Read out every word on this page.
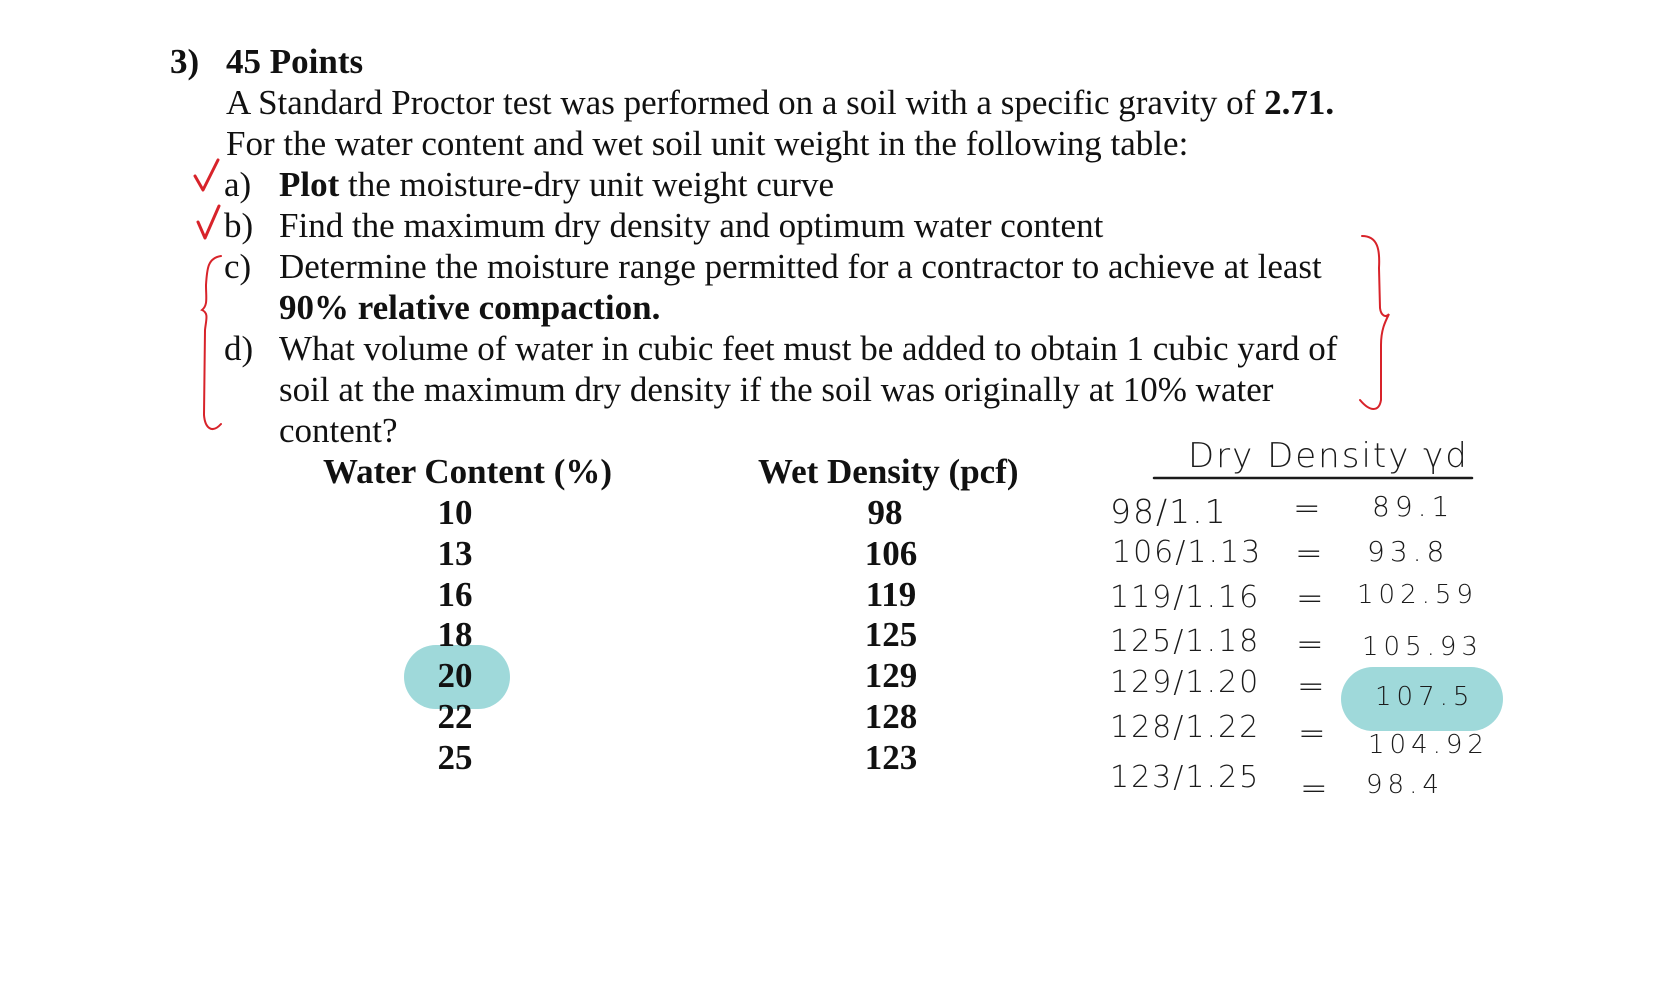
3) 45 Points
A Standard Proctor test was performed on a soil with a specific gravity of 2.71.
For the water content and wet soil unit weight in the following table:
a) Plot the moisture-dry unit weight curve
b) Find the maximum dry density and optimum water content
c) Determine the moisture range permitted for a contractor to achieve at least
90% relative compaction.
d) What volume of water in cubic feet must be added to obtain 1 cubic yard of
soil at the maximum dry density if the soil was originally at 10% water
content?
Water Content (%)	Wet Density (pcf)
10
13
16
18
20
22
25
98
106
119
125
129
128
123
Dry Density γd
98/1.1 = 89.1
106/1.13 = 93.8
119/1.16 = 102.59
125/1.18 = 105.93
129/1.20 = 107.5
128/1.22 = 104.92
123/1.25 = 98.4
